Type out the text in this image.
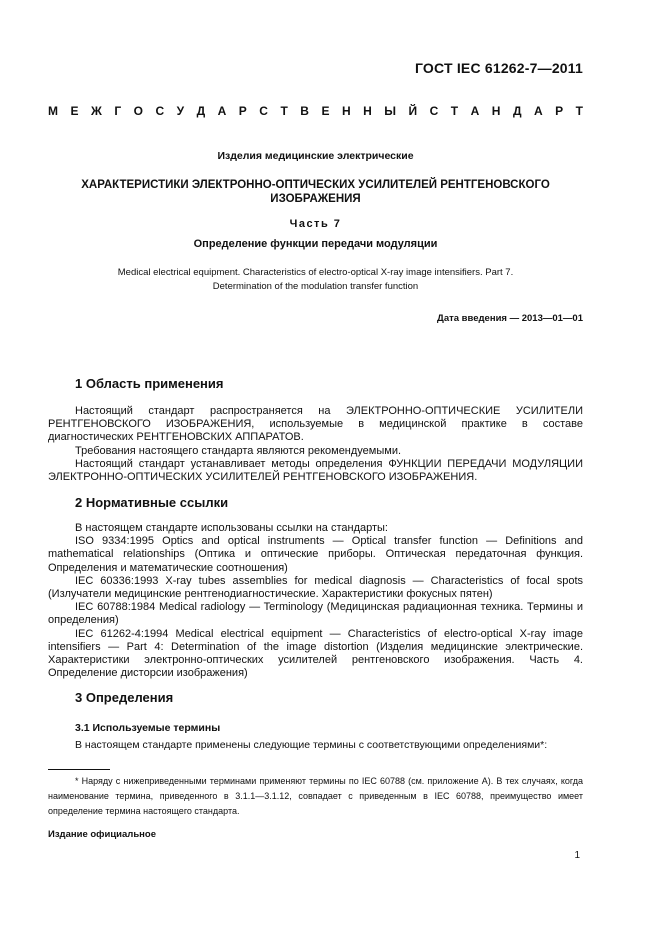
ГОСТ IEC 61262-7—2011
М Е Ж Г О С У Д А Р С Т В Е Н Н Ы Й С Т А Н Д А Р Т
Изделия медицинские электрические
ХАРАКТЕРИСТИКИ ЭЛЕКТРОННО-ОПТИЧЕСКИХ УСИЛИТЕЛЕЙ РЕНТГЕНОВСКОГО
ИЗОБРАЖЕНИЯ
Часть 7
Определение функции передачи модуляции
Medical electrical equipment. Characteristics of electro-optical X-ray image intensifiers. Part 7.
Determination of the modulation transfer function
Дата введения — 2013—01—01
1 Область применения

Настоящий стандарт распространяется на ЭЛЕКТРОННО-ОПТИЧЕСКИЕ УСИЛИТЕЛИ РЕНТГЕНОВСКОГО ИЗОБРАЖЕНИЯ, используемые в медицинской практике в составе диагностических РЕНТГЕНОВСКИХ АППАРАТОВ.

Требования настоящего стандарта являются рекомендуемыми.

Настоящий стандарт устанавливает методы определения ФУНКЦИИ ПЕРЕДАЧИ МОДУЛЯЦИИ ЭЛЕКТРОННО-ОПТИЧЕСКИХ УСИЛИТЕЛЕЙ РЕНТГЕНОВСКОГО ИЗОБРАЖЕНИЯ.

2 Нормативные ссылки

В настоящем стандарте использованы ссылки на стандарты:

ISO 9334:1995 Optics and optical instruments — Optical transfer function — Definitions and mathematical relationships (Оптика и оптические приборы. Оптическая передаточная функция. Определения и математические соотношения)

IEC 60336:1993 X-ray tubes assemblies for medical diagnosis — Characteristics of focal spots (Излучатели медицинские рентгенодиагностические. Характеристики фокусных пятен)

IEC 60788:1984 Medical radiology — Terminology (Медицинская радиационная техника. Термины и определения)

IEC 61262-4:1994 Medical electrical equipment — Characteristics of electro-optical X-ray image intensifiers — Part 4: Determination of the image distortion (Изделия медицинские электрические. Характеристики электронно-оптических усилителей рентгеновского изображения. Часть 4. Определение дисторсии изображения)

3 Определения
3.1 Используемые термины
В настоящем стандарте применены следующие термины с соответствующими определениями*:

* Наряду с нижеприведенными терминами применяют термины по IEC 60788 (см. приложение А). В тех случаях, когда наименование термина, приведенного в 3.1.1—3.1.12, совпадает с приведенным в IEC 60788, преимущество имеет определение термина настоящего стандарта.

Издание официальное
1
